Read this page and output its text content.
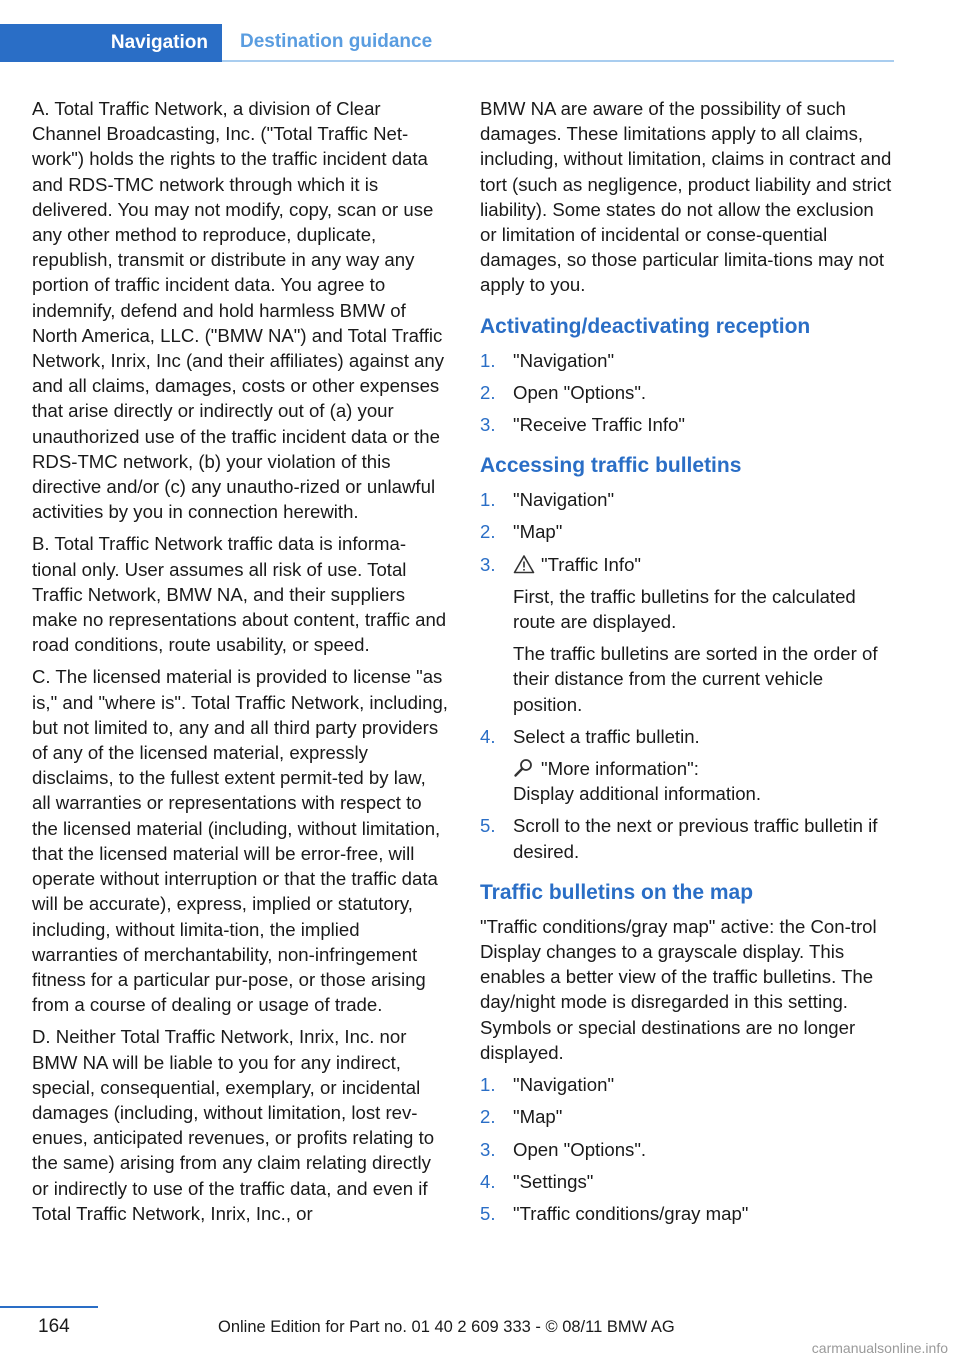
Navigation	Destination guidance

A. Total Traffic Network, a division of Clear Channel Broadcasting, Inc. ("Total Traffic Net-work") holds the rights to the traffic incident data and RDS-TMC network through which it is delivered. You may not modify, copy, scan or use any other method to reproduce, duplicate, republish, transmit or distribute in any way any portion of traffic incident data. You agree to indemnify, defend and hold harmless BMW of North America, LLC. ("BMW NA") and Total Traffic Network, Inrix, Inc (and their affiliates) against any and all claims, damages, costs or other expenses that arise directly or indirectly out of (a) your unauthorized use of the traffic incident data or the RDS-TMC network, (b) your violation of this directive and/or (c) any unautho-rized or unlawful activities by you in connection herewith.

B. Total Traffic Network traffic data is informa-tional only. User assumes all risk of use. Total Traffic Network, BMW NA, and their suppliers make no representations about content, traffic and road conditions, route usability, or speed.

C. The licensed material is provided to license "as is," and "where is". Total Traffic Network, including, but not limited to, any and all third party providers of any of the licensed material, expressly disclaims, to the fullest extent permit-ted by law, all warranties or representations with respect to the licensed material (including, without limitation, that the licensed material will be error-free, will operate without interruption or that the traffic data will be accurate), express, implied or statutory, including, without limita-tion, the implied warranties of merchantability, non-infringement fitness for a particular pur-pose, or those arising from a course of dealing or usage of trade.

D. Neither Total Traffic Network, Inrix, Inc. nor BMW NA will be liable to you for any indirect, special, consequential, exemplary, or incidental damages (including, without limitation, lost rev-enues, anticipated revenues, or profits relating to the same) arising from any claim relating directly or indirectly to use of the traffic data, and even if Total Traffic Network, Inrix, Inc., or

BMW NA are aware of the possibility of such damages. These limitations apply to all claims, including, without limitation, claims in contract and tort (such as negligence, product liability and strict liability). Some states do not allow the exclusion or limitation of incidental or conse-quential damages, so those particular limita-tions may not apply to you.

Activating/deactivating reception
1. "Navigation"
2. Open "Options".
3. "Receive Traffic Info"
Accessing traffic bulletins
1. "Navigation"
2. "Map"
3. "Traffic Info"
First, the traffic bulletins for the calculated route are displayed.
The traffic bulletins are sorted in the order of their distance from the current vehicle position.
4. Select a traffic bulletin.
"More information":
Display additional information.
5. Scroll to the next or previous traffic bulletin if desired.
Traffic bulletins on the map

"Traffic conditions/gray map" active: the Con-trol Display changes to a grayscale display. This enables a better view of the traffic bulletins. The day/night mode is disregarded in this setting. Symbols or special destinations are no longer displayed.

1. "Navigation"
2. "Map"
3. Open "Options".
4. "Settings"
5. "Traffic conditions/gray map"
164	Online Edition for Part no. 01 40 2 609 333 - © 08/11 BMW AG
carmanualsonline.info
